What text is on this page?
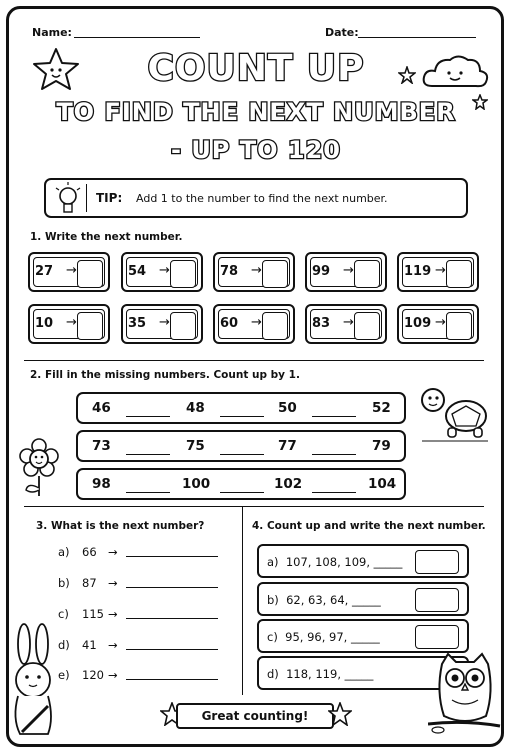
Name:	Date:
COUNT UP
TO FIND THE NEXT NUMBER
- UP TO 120
TIP: Add 1 to the number to find the next number.
1. Write the next number.
27 →	54 →	78 →	99 →	119 →
10 →	35 →	60 →	83 →	109 →
2. Fill in the missing numbers. Count up by 1.
46	48	50	52
73	75	77	79
98	100	102	104
3. What is the next number?
a) 66 →
b) 87 →
c) 115 →
d) 41 →
e) 120 →
4. Count up and write the next number.
a) 107, 108, 109, _____
b) 62, 63, 64, _____
c) 95, 96, 97, _____
d) 118, 119, _____
Great counting!
